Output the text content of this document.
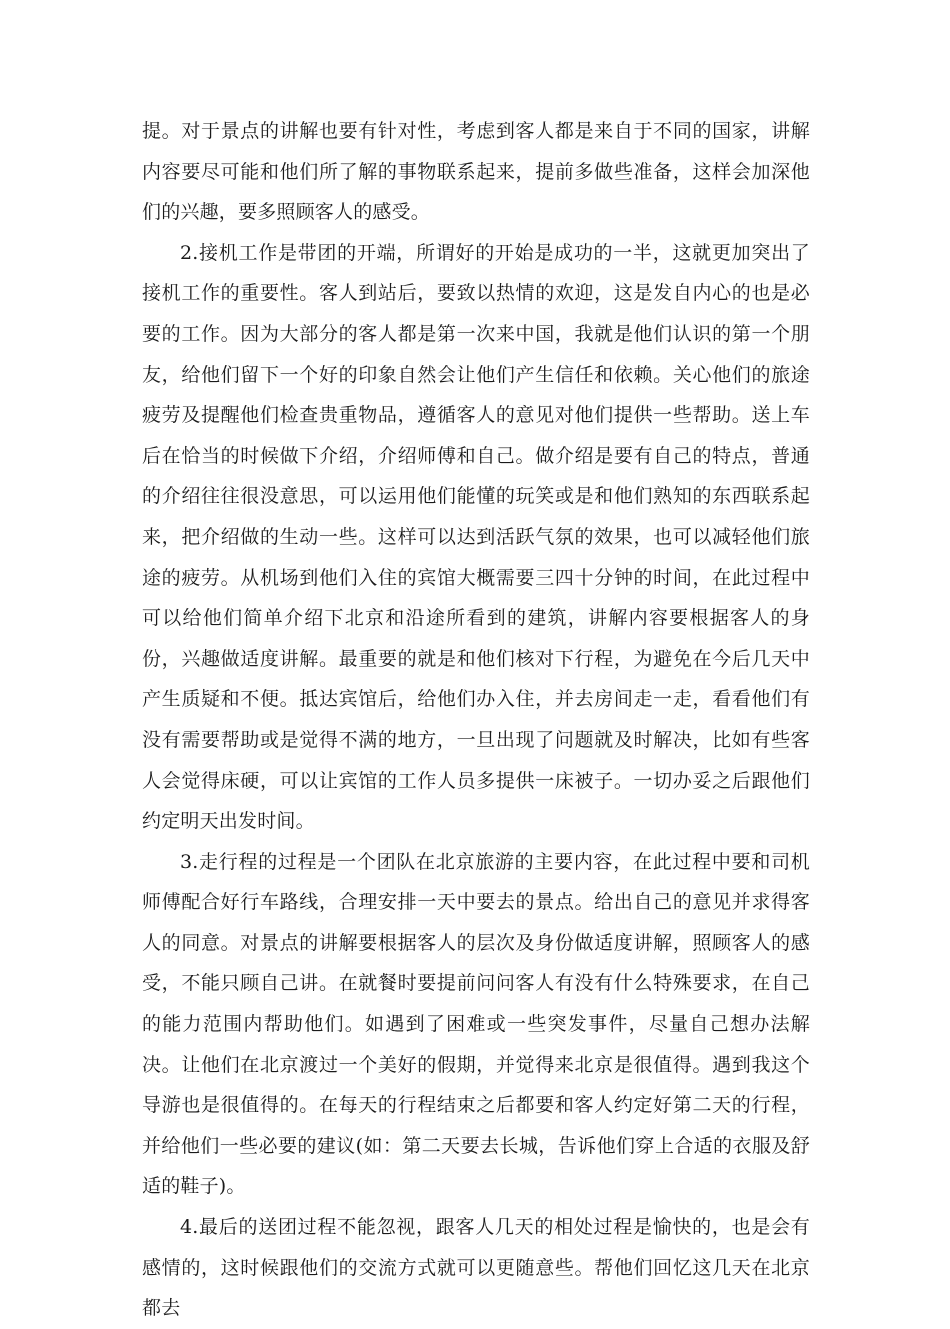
提。对于景点的讲解也要有针对性，考虑到客人都是来自于不同的国家，讲解内容要尽可能和他们所了解的事物联系起来，提前多做些准备，这样会加深他们的兴趣，要多照顾客人的感受。

2.接机工作是带团的开端，所谓好的开始是成功的一半，这就更加突出了接机工作的重要性。客人到站后，要致以热情的欢迎，这是发自内心的也是必要的工作。因为大部分的客人都是第一次来中国，我就是他们认识的第一个朋友，给他们留下一个好的印象自然会让他们产生信任和依赖。关心他们的旅途疲劳及提醒他们检查贵重物品，遵循客人的意见对他们提供一些帮助。送上车后在恰当的时候做下介绍，介绍师傅和自己。做介绍是要有自己的特点，普通的介绍往往很没意思，可以运用他们能懂的玩笑或是和他们熟知的东西联系起来，把介绍做的生动一些。这样可以达到活跃气氛的效果，也可以减轻他们旅途的疲劳。从机场到他们入住的宾馆大概需要三四十分钟的时间，在此过程中可以给他们简单介绍下北京和沿途所看到的建筑，讲解内容要根据客人的身份，兴趣做适度讲解。最重要的就是和他们核对下行程，为避免在今后几天中产生质疑和不便。抵达宾馆后，给他们办入住，并去房间走一走，看看他们有没有需要帮助或是觉得不满的地方，一旦出现了问题就及时解决，比如有些客人会觉得床硬，可以让宾馆的工作人员多提供一床被子。一切办妥之后跟他们约定明天出发时间。

3.走行程的过程是一个团队在北京旅游的主要内容，在此过程中要和司机师傅配合好行车路线，合理安排一天中要去的景点。给出自己的意见并求得客人的同意。对景点的讲解要根据客人的层次及身份做适度讲解，照顾客人的感受，不能只顾自己讲。在就餐时要提前问问客人有没有什么特殊要求，在自己的能力范围内帮助他们。如遇到了困难或一些突发事件，尽量自己想办法解决。让他们在北京渡过一个美好的假期，并觉得来北京是很值得。遇到我这个导游也是很值得的。在每天的行程结束之后都要和客人约定好第二天的行程，并给他们一些必要的建议(如：第二天要去长城，告诉他们穿上合适的衣服及舒适的鞋子)。

4.最后的送团过程不能忽视，跟客人几天的相处过程是愉快的，也是会有感情的，这时候跟他们的交流方式就可以更随意些。帮他们回忆这几天在北京都去
